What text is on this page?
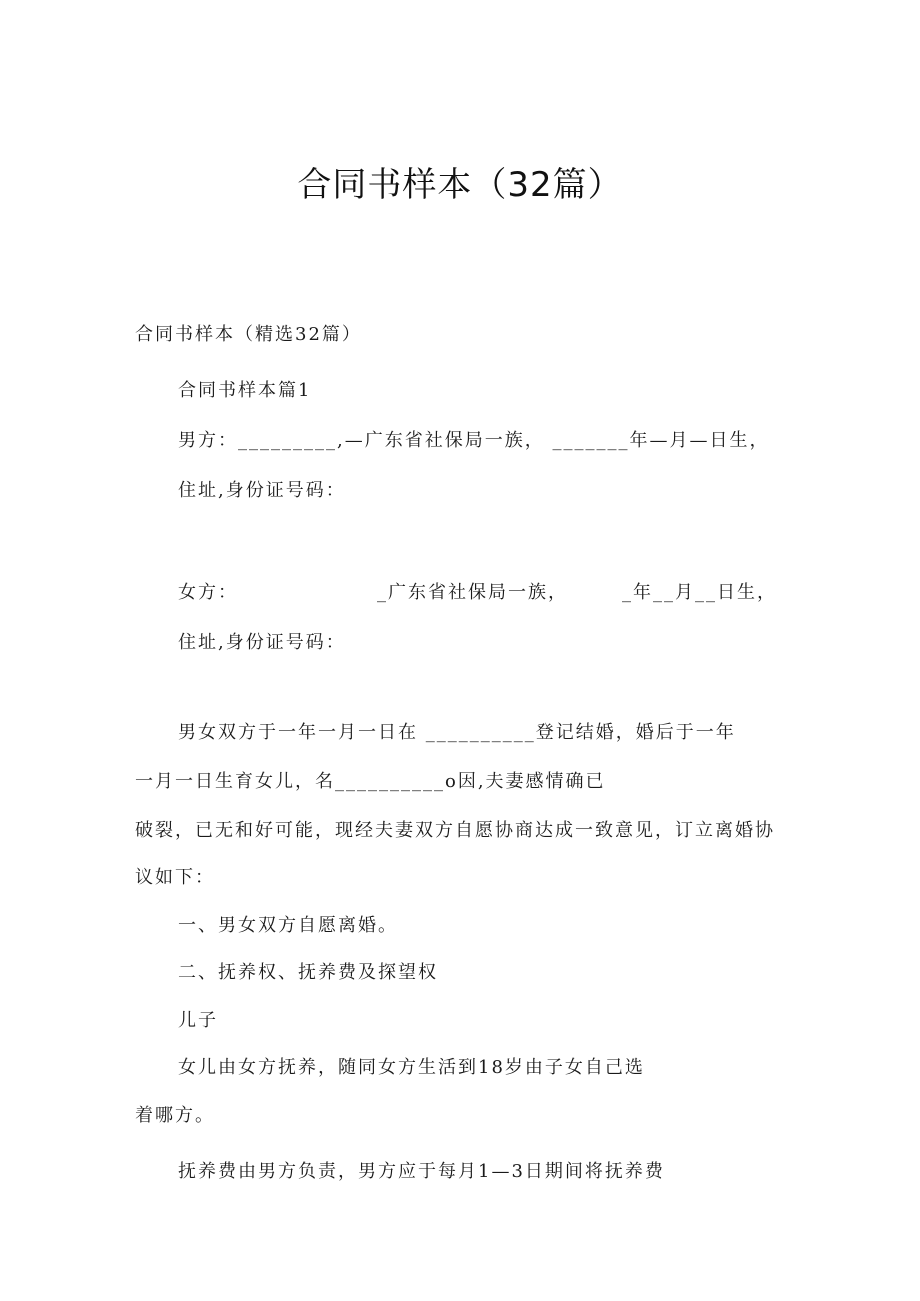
合同书样本（32篇）
合同书样本（精选32篇）
合同书样本篇1
男方：_________,—广东省社保局一族， _______年—月—日生，
住址,身份证号码：
女方：                  _广东省社保局一族，       _年__月__日生，
住址,身份证号码：
男女双方于一年一月一日在 __________登记结婚，婚后于一年
一月一日生育女儿，名__________o因,夫妻感情确已
破裂，已无和好可能，现经夫妻双方自愿协商达成一致意见，订立离婚协
议如下：
一、男女双方自愿离婚。
二、抚养权、抚养费及探望权
儿子
女儿由女方抚养，随同女方生活到18岁由子女自己选
着哪方。
抚养费由男方负责，男方应于每月1—3日期间将抚养费
